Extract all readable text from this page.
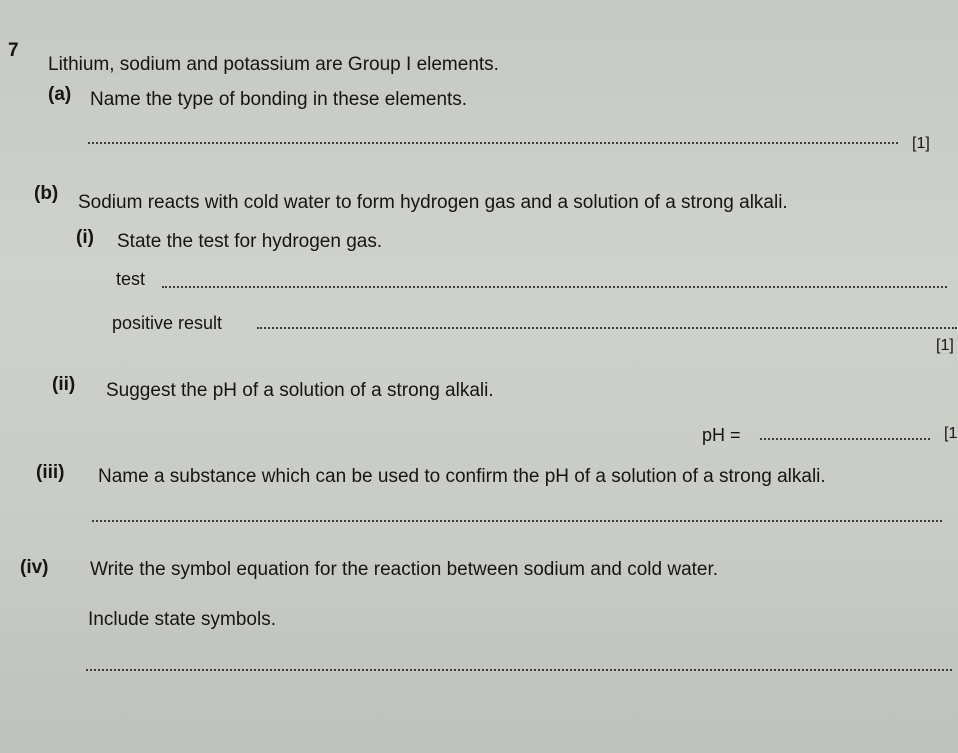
7
Lithium, sodium and potassium are Group I elements.
(a) Name the type of bonding in these elements.
[1]
(b) Sodium reacts with cold water to form hydrogen gas and a solution of a strong alkali.
(i) State the test for hydrogen gas.
test
positive result
[1]
(ii) Suggest the pH of a solution of a strong alkali.
pH =	[1
(iii) Name a substance which can be used to confirm the pH of a solution of a strong alkali.
(iv) Write the symbol equation for the reaction between sodium and cold water.
Include state symbols.
